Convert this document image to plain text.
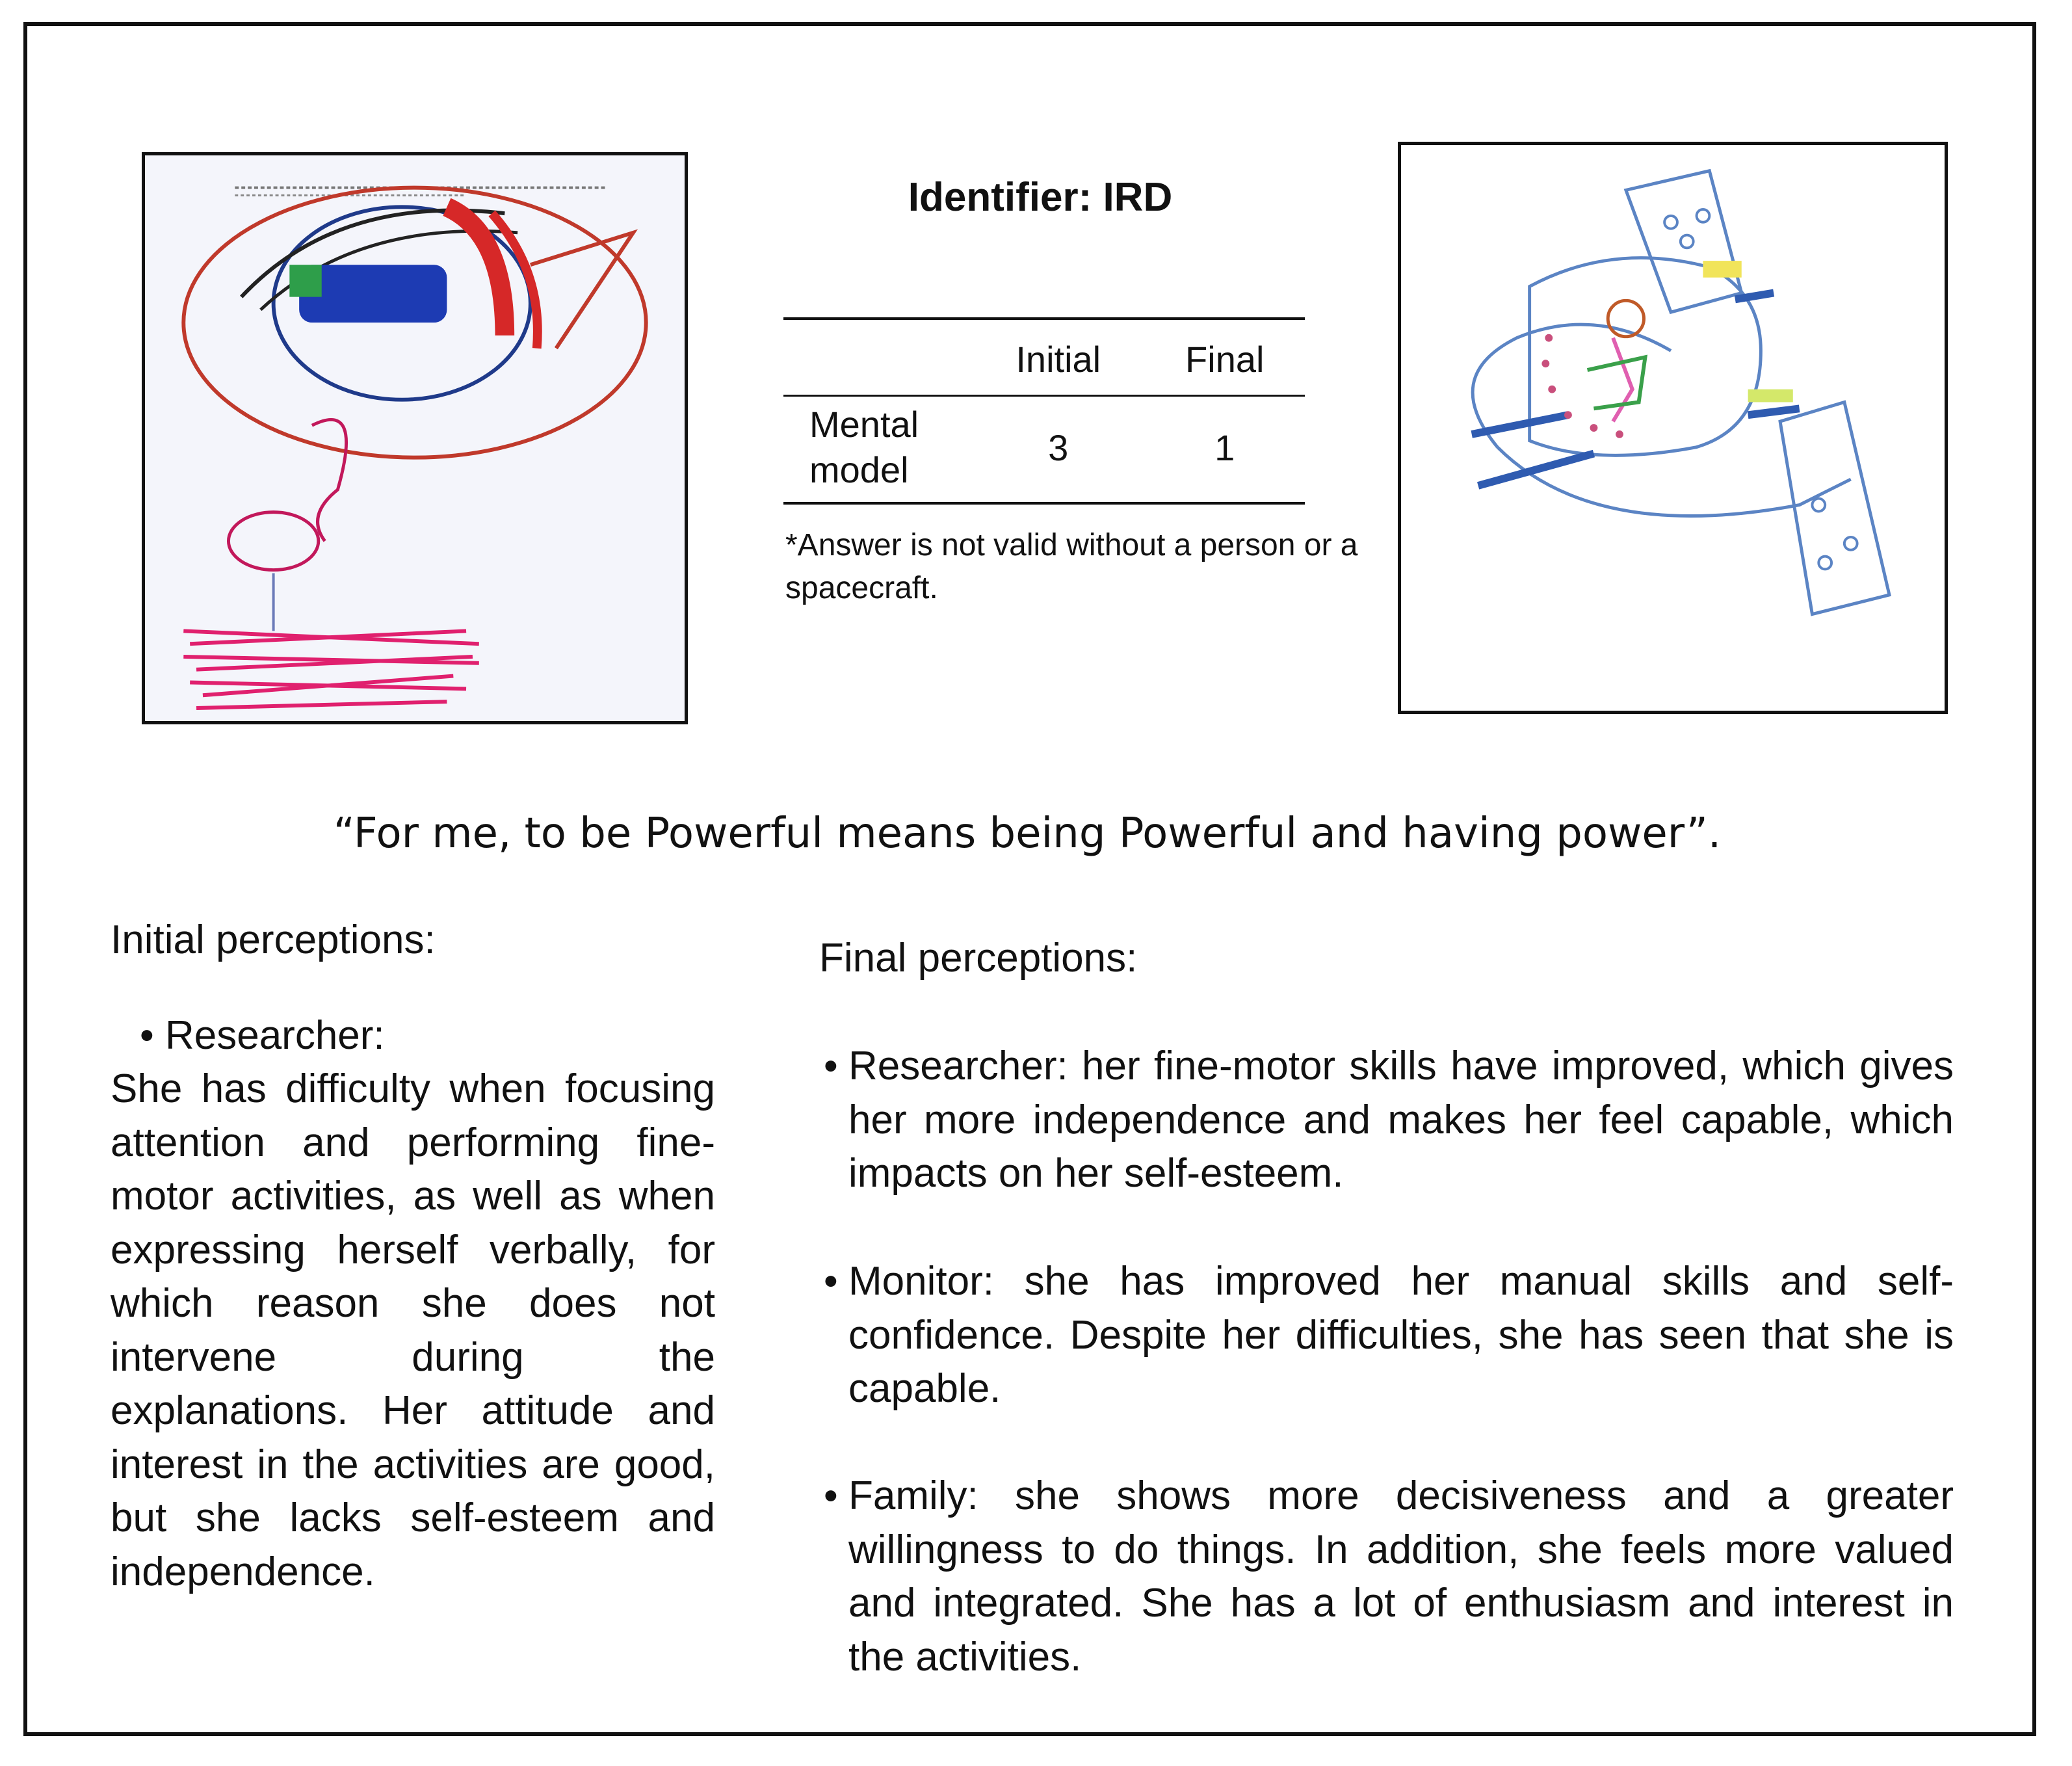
Identifier: IRD
	Initial	Final
Mental
model	3	1
*Answer is not valid without a person or a spacecraft.
“For me, to be Powerful means being Powerful and having power”.
Initial perceptions:
• Researcher:
She has difficulty when focusing attention and performing fine-motor activities, as well as when expressing herself verbally, for which reason she does not intervene during the explanations. Her attitude and interest in the activities are good, but she lacks self-esteem and independence.
Final perceptions:
• Researcher: her fine-motor skills have improved, which gives her more independence and makes her feel capable, which impacts on her self-esteem.
• Monitor: she has improved her manual skills and self-confidence. Despite her difficulties, she has seen that she is capable.
• Family: she shows more decisiveness and a greater willingness to do things. In addition, she feels more valued and integrated. She has a lot of enthusiasm and interest in the activities.
